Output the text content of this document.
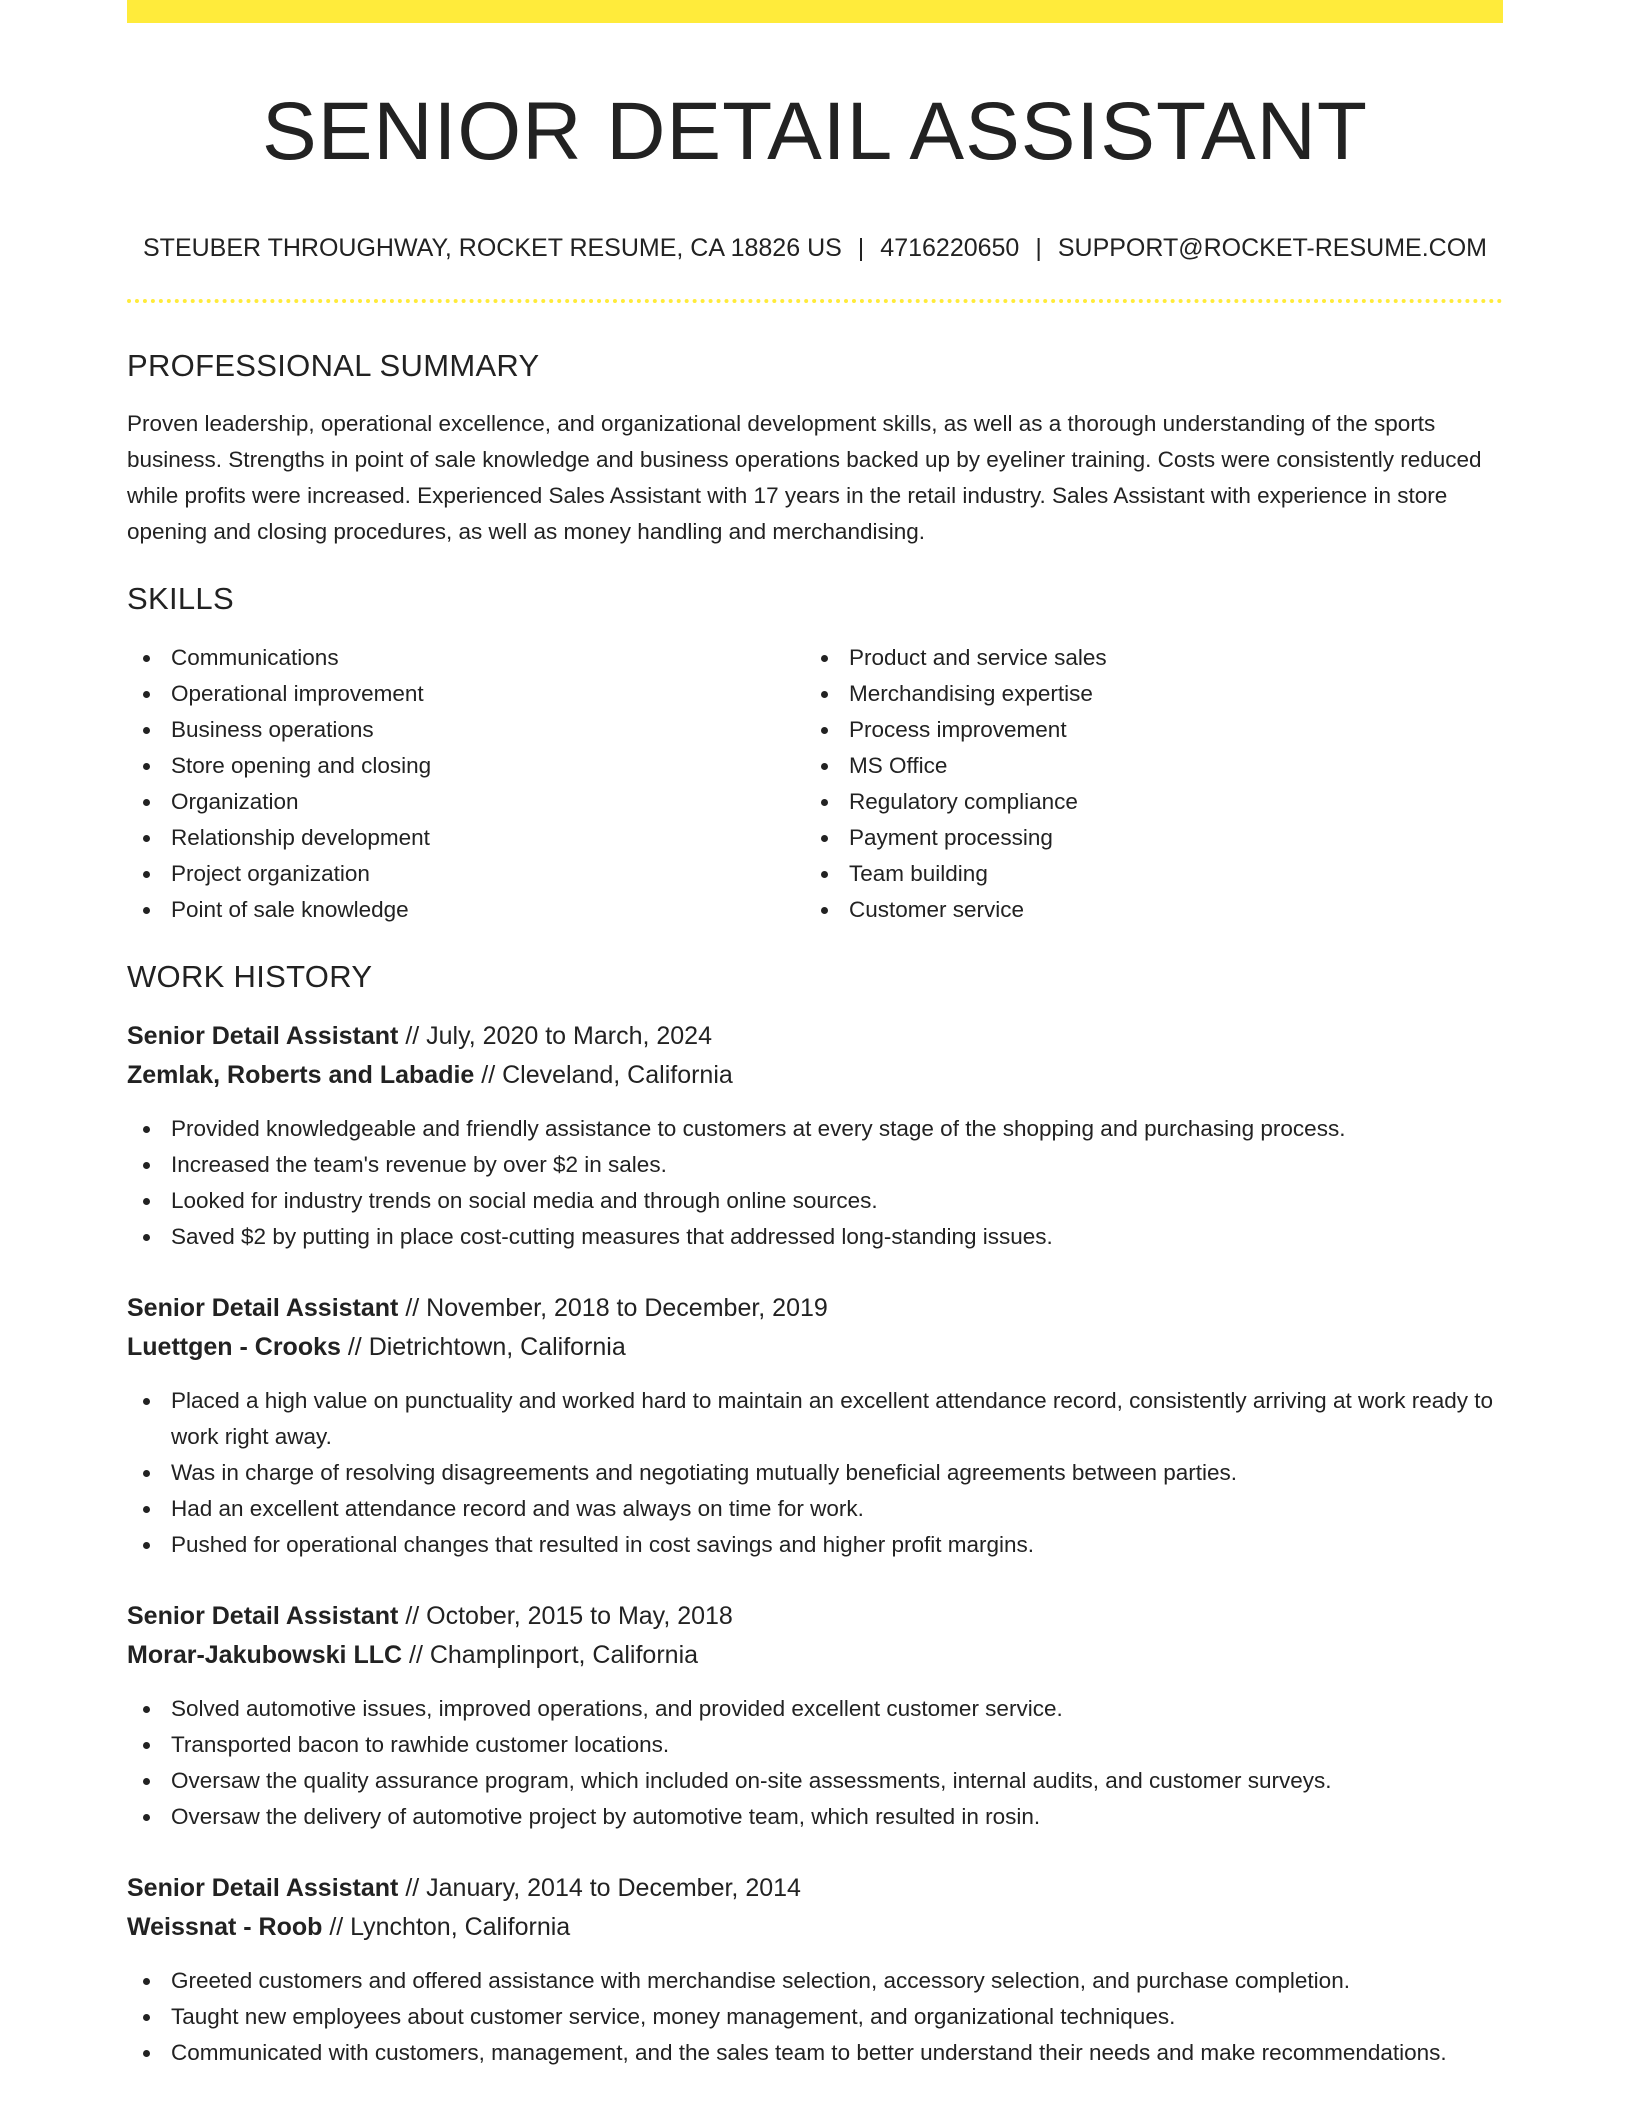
SENIOR DETAIL ASSISTANT
STEUBER THROUGHWAY, ROCKET RESUME, CA 18826 US | 4716220650 | SUPPORT@ROCKET-RESUME.COM
PROFESSIONAL SUMMARY

Proven leadership, operational excellence, and organizational development skills, as well as a thorough understanding of the sports business. Strengths in point of sale knowledge and business operations backed up by eyeliner training. Costs were consistently reduced while profits were increased. Experienced Sales Assistant with 17 years in the retail industry. Sales Assistant with experience in store opening and closing procedures, as well as money handling and merchandising.

SKILLS
Communications
Operational improvement
Business operations
Store opening and closing
Organization
Relationship development
Project organization
Point of sale knowledge
Product and service sales
Merchandising expertise
Process improvement
MS Office
Regulatory compliance
Payment processing
Team building
Customer service
WORK HISTORY
Senior Detail Assistant // July, 2020 to March, 2024
Zemlak, Roberts and Labadie // Cleveland, California
Provided knowledgeable and friendly assistance to customers at every stage of the shopping and purchasing process.
Increased the team's revenue by over $2 in sales.
Looked for industry trends on social media and through online sources.
Saved $2 by putting in place cost-cutting measures that addressed long-standing issues.
Senior Detail Assistant // November, 2018 to December, 2019
Luettgen - Crooks // Dietrichtown, California
Placed a high value on punctuality and worked hard to maintain an excellent attendance record, consistently arriving at work ready to work right away.
Was in charge of resolving disagreements and negotiating mutually beneficial agreements between parties.
Had an excellent attendance record and was always on time for work.
Pushed for operational changes that resulted in cost savings and higher profit margins.
Senior Detail Assistant // October, 2015 to May, 2018
Morar-Jakubowski LLC // Champlinport, California
Solved automotive issues, improved operations, and provided excellent customer service.
Transported bacon to rawhide customer locations.
Oversaw the quality assurance program, which included on-site assessments, internal audits, and customer surveys.
Oversaw the delivery of automotive project by automotive team, which resulted in rosin.
Senior Detail Assistant // January, 2014 to December, 2014
Weissnat - Roob // Lynchton, California
Greeted customers and offered assistance with merchandise selection, accessory selection, and purchase completion.
Taught new employees about customer service, money management, and organizational techniques.
Communicated with customers, management, and the sales team to better understand their needs and make recommendations.
